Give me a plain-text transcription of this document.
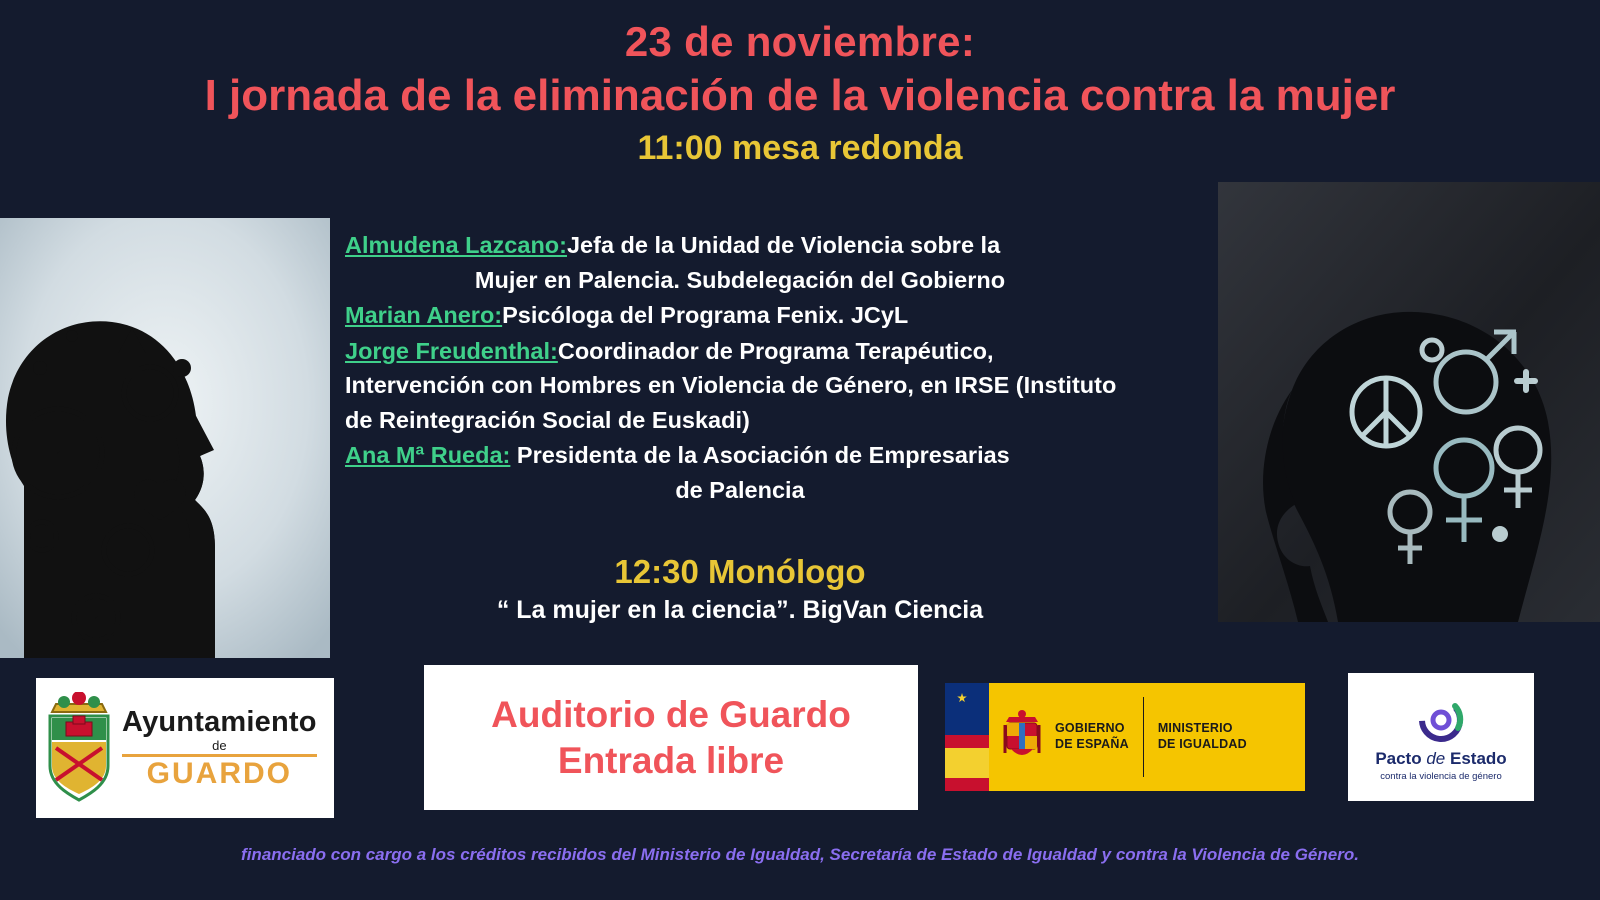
23 de noviembre:
I jornada de la eliminación de la violencia contra la mujer
11:00 mesa redonda
Almudena Lazcano:Jefa de la Unidad de Violencia sobre la
Mujer en Palencia. Subdelegación del Gobierno
Marian Anero:Psicóloga del Programa Fenix. JCyL
Jorge Freudenthal:Coordinador de Programa Terapéutico,
Intervención con Hombres en Violencia de Género, en IRSE (Instituto de Reintegración Social de Euskadi)
Ana Mª Rueda: Presidenta de la Asociación de Empresarias
de Palencia
12:30 Monólogo
“ La mujer en la ciencia”. BigVan Ciencia
Ayuntamiento
de
GUARDO
Auditorio de Guardo
Entrada libre
GOBIERNO
DE ESPAÑA
MINISTERIO
DE IGUALDAD
Pacto de Estado
contra la violencia de género
financiado con cargo a los créditos recibidos del Ministerio de Igualdad, Secretaría de Estado de Igualdad y contra la Violencia de Género.
